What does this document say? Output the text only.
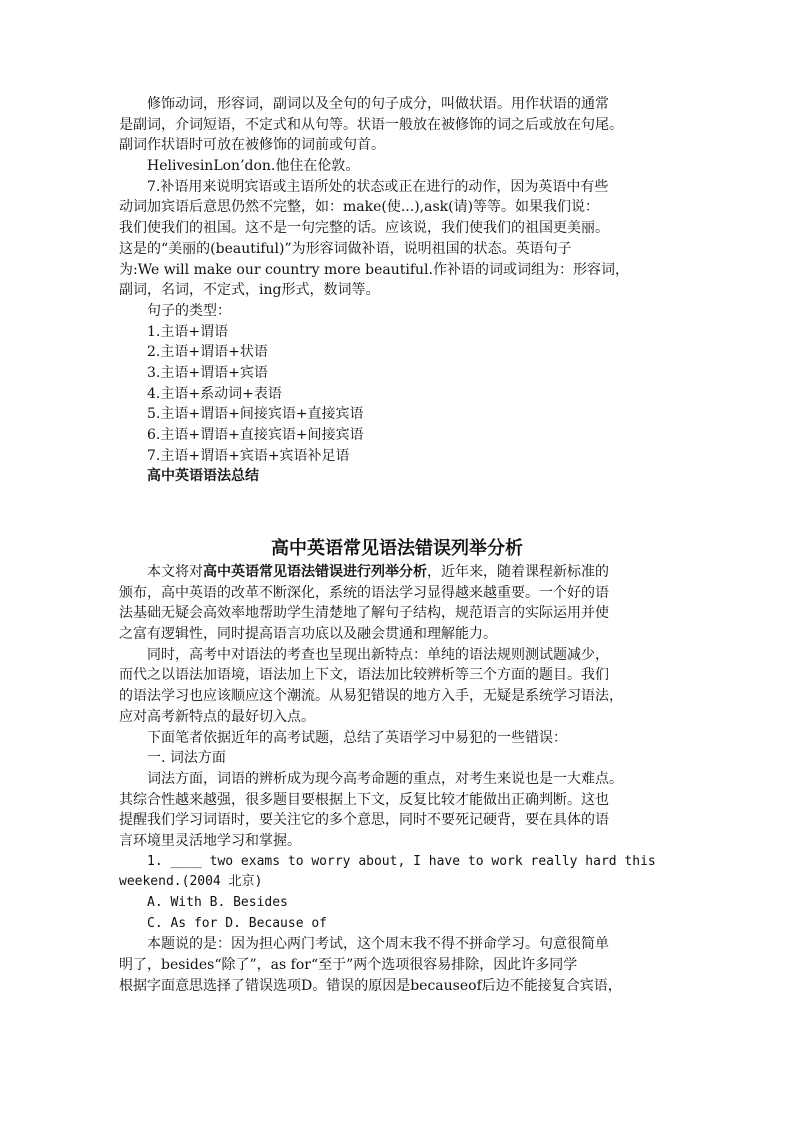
修饰动词，形容词，副词以及全句的句子成分，叫做状语。用作状语的通常
是副词，介词短语，不定式和从句等。状语一般放在被修饰的词之后或放在句尾。
副词作状语时可放在被修饰的词前或句首。
HelivesinLon’don.他住在伦敦。
7.补语用来说明宾语或主语所处的状态或正在进行的动作，因为英语中有些
动词加宾语后意思仍然不完整，如：make(使...),ask(请)等等。如果我们说：
我们使我们的祖国。这不是一句完整的话。应该说，我们使我们的祖国更美丽。
这是的“美丽的(beautiful)”为形容词做补语，说明祖国的状态。英语句子
为:We will make our country more beautiful.作补语的词或词组为：形容词，
副词，名词，不定式，ing形式，数词等。
句子的类型：
1.主语+谓语
2.主语+谓语+状语
3.主语+谓语+宾语
4.主语+系动词+表语
5.主语+谓语+间接宾语+直接宾语
6.主语+谓语+直接宾语+间接宾语
7.主语+谓语+宾语+宾语补足语
高中英语语法总结
高中英语常见语法错误列举分析
本文将对高中英语常见语法错误进行列举分析，近年来，随着课程新标准的
颁布，高中英语的改革不断深化，系统的语法学习显得越来越重要。一个好的语
法基础无疑会高效率地帮助学生清楚地了解句子结构，规范语言的实际运用并使
之富有逻辑性，同时提高语言功底以及融会贯通和理解能力。
同时，高考中对语法的考查也呈现出新特点：单纯的语法规则测试题减少，
而代之以语法加语境，语法加上下文，语法加比较辨析等三个方面的题目。我们
的语法学习也应该顺应这个潮流。从易犯错误的地方入手，无疑是系统学习语法，
应对高考新特点的最好切入点。
下面笔者依据近年的高考试题，总结了英语学习中易犯的一些错误：
一. 词法方面
词法方面，词语的辨析成为现今高考命题的重点，对考生来说也是一大难点。
其综合性越来越强，很多题目要根据上下文，反复比较才能做出正确判断。这也
提醒我们学习词语时，要关注它的多个意思，同时不要死记硬背，要在具体的语
言环境里灵活地学习和掌握。
1. ____ two exams to worry about, I have to work really hard this
weekend.(2004 北京)
A. With B. Besides
C. As for D. Because of
本题说的是：因为担心两门考试，这个周末我不得不拼命学习。句意很简单
明了，besides“除了”，as for“至于”两个选项很容易排除，因此许多同学
根据字面意思选择了错误选项D。错误的原因是becauseof后边不能接复合宾语，
